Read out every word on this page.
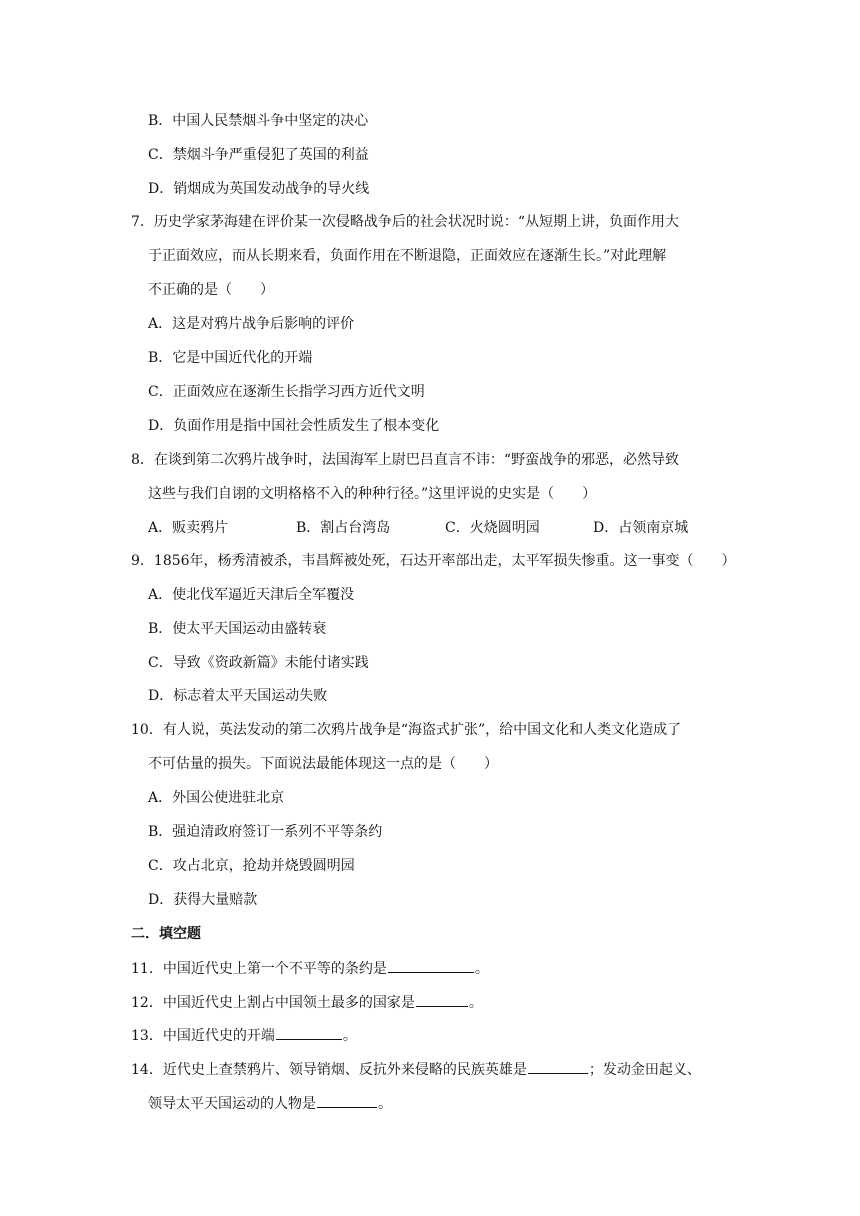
B．中国人民禁烟斗争中坚定的决心
C．禁烟斗争严重侵犯了英国的利益
D．销烟成为英国发动战争的导火线
7．历史学家茅海建在评价某一次侵略战争后的社会状况时说：“从短期上讲，负面作用大
于正面效应，而从长期来看，负面作用在不断退隐，正面效应在逐渐生长。”对此理解
不正确的是（　　）
A．这是对鸦片战争后影响的评价
B．它是中国近代化的开端
C．正面效应在逐渐生长指学习西方近代文明
D．负面作用是指中国社会性质发生了根本变化
8．在谈到第二次鸦片战争时，法国海军上尉巴吕直言不讳：“野蛮战争的邪恶，必然导致
这些与我们自诩的文明格格不入的种种行径。”这里评说的史实是（　　）
A．贩卖鸦片	B．割占台湾岛	C．火烧圆明园	D．占领南京城
9．1856年，杨秀清被杀，韦昌辉被处死，石达开率部出走，太平军损失惨重。这一事变（　　）
A．使北伐军逼近天津后全军覆没
B．使太平天国运动由盛转衰
C．导致《资政新篇》未能付诸实践
D．标志着太平天国运动失败
10．有人说，英法发动的第二次鸦片战争是“海盗式扩张”，给中国文化和人类文化造成了
不可估量的损失。下面说法最能体现这一点的是（　　）
A．外国公使进驻北京
B．强迫清政府签订一系列不平等条约
C．攻占北京，抢劫并烧毁圆明园
D．获得大量赔款
二．填空题
11．中国近代史上第一个不平等的条约是	。
12．中国近代史上割占中国领土最多的国家是	。
13．中国近代史的开端	。
14．近代史上查禁鸦片、领导销烟、反抗外来侵略的民族英雄是	；发动金田起义、
领导太平天国运动的人物是	。
